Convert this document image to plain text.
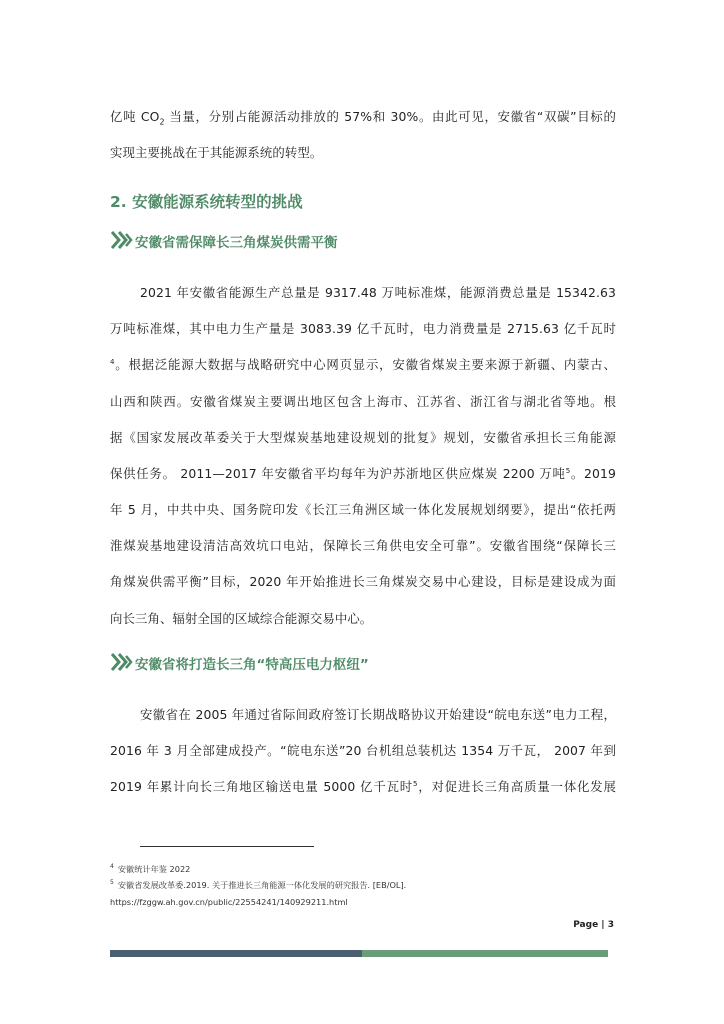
亿吨 $CO_2$ 当量，分别占能源活动排放的 57%和 30%。由此可见，安徽省“双碳”目标的
实现主要挑战在于其能源系统的转型。
2. 安徽能源系统转型的挑战
安徽省需保障长三角煤炭供需平衡
2021 年安徽省能源生产总量是 9317.48 万吨标准煤，能源消费总量是 15342.63
万吨标准煤，其中电力生产量是 3083.39 亿千瓦时，电力消费量是 2715.63 亿千瓦时
$^4$。根据泛能源大数据与战略研究中心网页显示，安徽省煤炭主要来源于新疆、内蒙古、
山西和陕西。安徽省煤炭主要调出地区包含上海市、江苏省、浙江省与湖北省等地。根
据《国家发展改革委关于大型煤炭基地建设规划的批复》规划，安徽省承担长三角能源
保供任务。 2011—2017 年安徽省平均每年为沪苏浙地区供应煤炭 2200 万吨$^5$。2019
年 5 月，中共中央、国务院印发《长江三角洲区域一体化发展规划纲要》，提出“依托两
淮煤炭基地建设清洁高效坑口电站，保障长三角供电安全可靠”。安徽省围绕“保障长三
角煤炭供需平衡”目标，2020 年开始推进长三角煤炭交易中心建设，目标是建设成为面
向长三角、辐射全国的区域综合能源交易中心。
安徽省将打造长三角“特高压电力枢纽”
安徽省在 2005 年通过省际间政府签订长期战略协议开始建设“皖电东送”电力工程，
2016 年 3 月全部建成投产。“皖电东送”20 台机组总装机达 1354 万千瓦， 2007 年到
2019 年累计向长三角地区输送电量 5000 亿千瓦时$^5$，对促进长三角高质量一体化发展
$^4$ 安徽统计年鉴 2022
$^5$ 安徽省发展改革委.2019. 关于推进长三角能源一体化发展的研究报告. [EB/OL].
https://fzggw.ah.gov.cn/public/22554241/140929211.html
Page | 3
